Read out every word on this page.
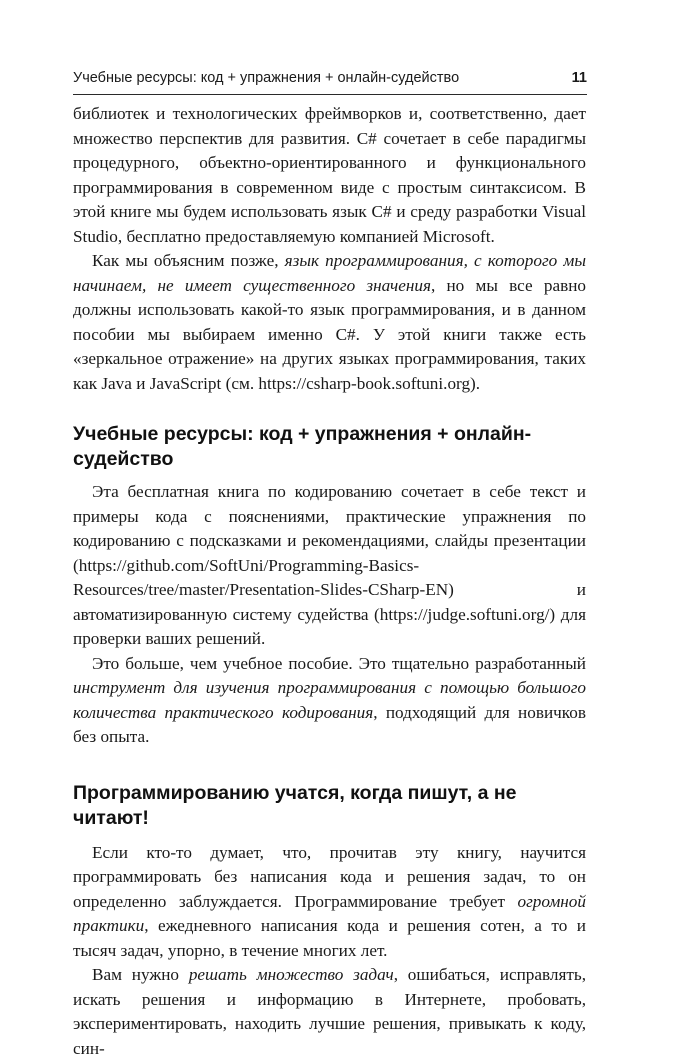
Учебные ресурсы: код + упражнения + онлайн-судейство	11

библиотек и технологических фреймворков и, соответственно, дает множество перспектив для развития. C# сочетает в себе парадигмы процедурного, объектно-ориентированного и функционального программирования в современном виде с простым синтаксисом. В этой книге мы будем использовать язык C# и среду разработки Visual Studio, бесплатно предоставляемую компанией Microsoft.

Как мы объясним позже, язык программирования, с которого мы начинаем, не имеет существенного значения, но мы все равно должны использовать какой-то язык программирования, и в данном пособии мы выбираем именно C#. У этой книги также есть «зеркальное отражение» на других языках программирования, таких как Java и JavaScript (см. https://csharp-book.softuni.org).

Учебные ресурсы: код + упражнения + онлайн-судейство

Эта бесплатная книга по кодированию сочетает в себе текст и примеры кода с пояснениями, практические упражнения по кодированию с подсказками и рекомендациями, слайды презентации (https://github.com/SoftUni/Programming-Basics-Resources/tree/master/Presentation-Slides-CSharp-EN) и автоматизированную систему судейства (https://judge.softuni.org/) для проверки ваших решений.

Это больше, чем учебное пособие. Это тщательно разработанный инструмент для изучения программирования с помощью большого количества практического кодирования, подходящий для новичков без опыта.

Программированию учатся, когда пишут, а не читают!

Если кто-то думает, что, прочитав эту книгу, научится программировать без написания кода и решения задач, то он определенно заблуждается. Программирование требует огромной практики, ежедневного написания кода и решения сотен, а то и тысяч задач, упорно, в течение многих лет.

Вам нужно решать множество задач, ошибаться, исправлять, искать решения и информацию в Интернете, пробовать, экспериментировать, находить лучшие решения, привыкать к коду, син-
